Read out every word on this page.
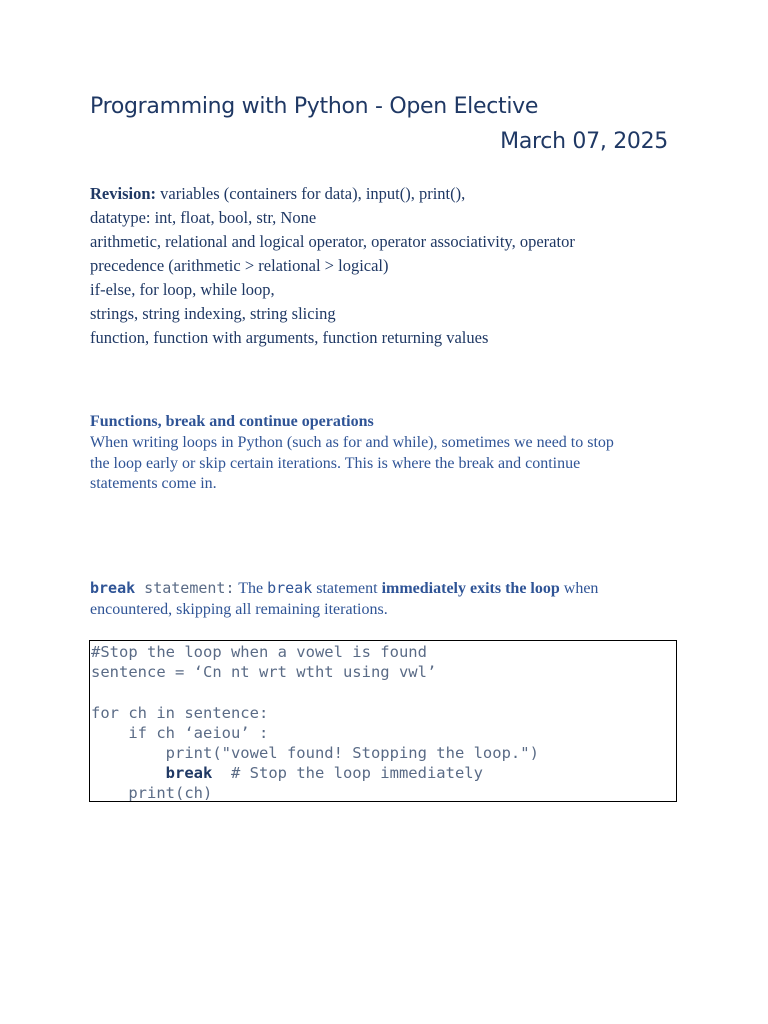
Programming with Python - Open Elective
March 07, 2025
Revision: variables (containers for data), input(), print(),
datatype: int, float, bool, str, None
arithmetic, relational and logical operator, operator associativity, operator
precedence (arithmetic > relational > logical)
if-else, for loop, while loop,
strings, string indexing, string slicing
function, function with arguments, function returning values
Functions, break and continue operations
When writing loops in Python (such as for and while), sometimes we need to stop
the loop early or skip certain iterations. This is where the break and continue
statements come in.
break statement: The break statement immediately exits the loop when
encountered, skipping all remaining iterations.
#Stop the loop when a vowel is found
sentence = ‘Cn nt wrt wtht using vwl’
for ch in sentence:
if ch ‘aeiou’ :
print("vowel found! Stopping the loop.")
break  # Stop the loop immediately
print(ch)
